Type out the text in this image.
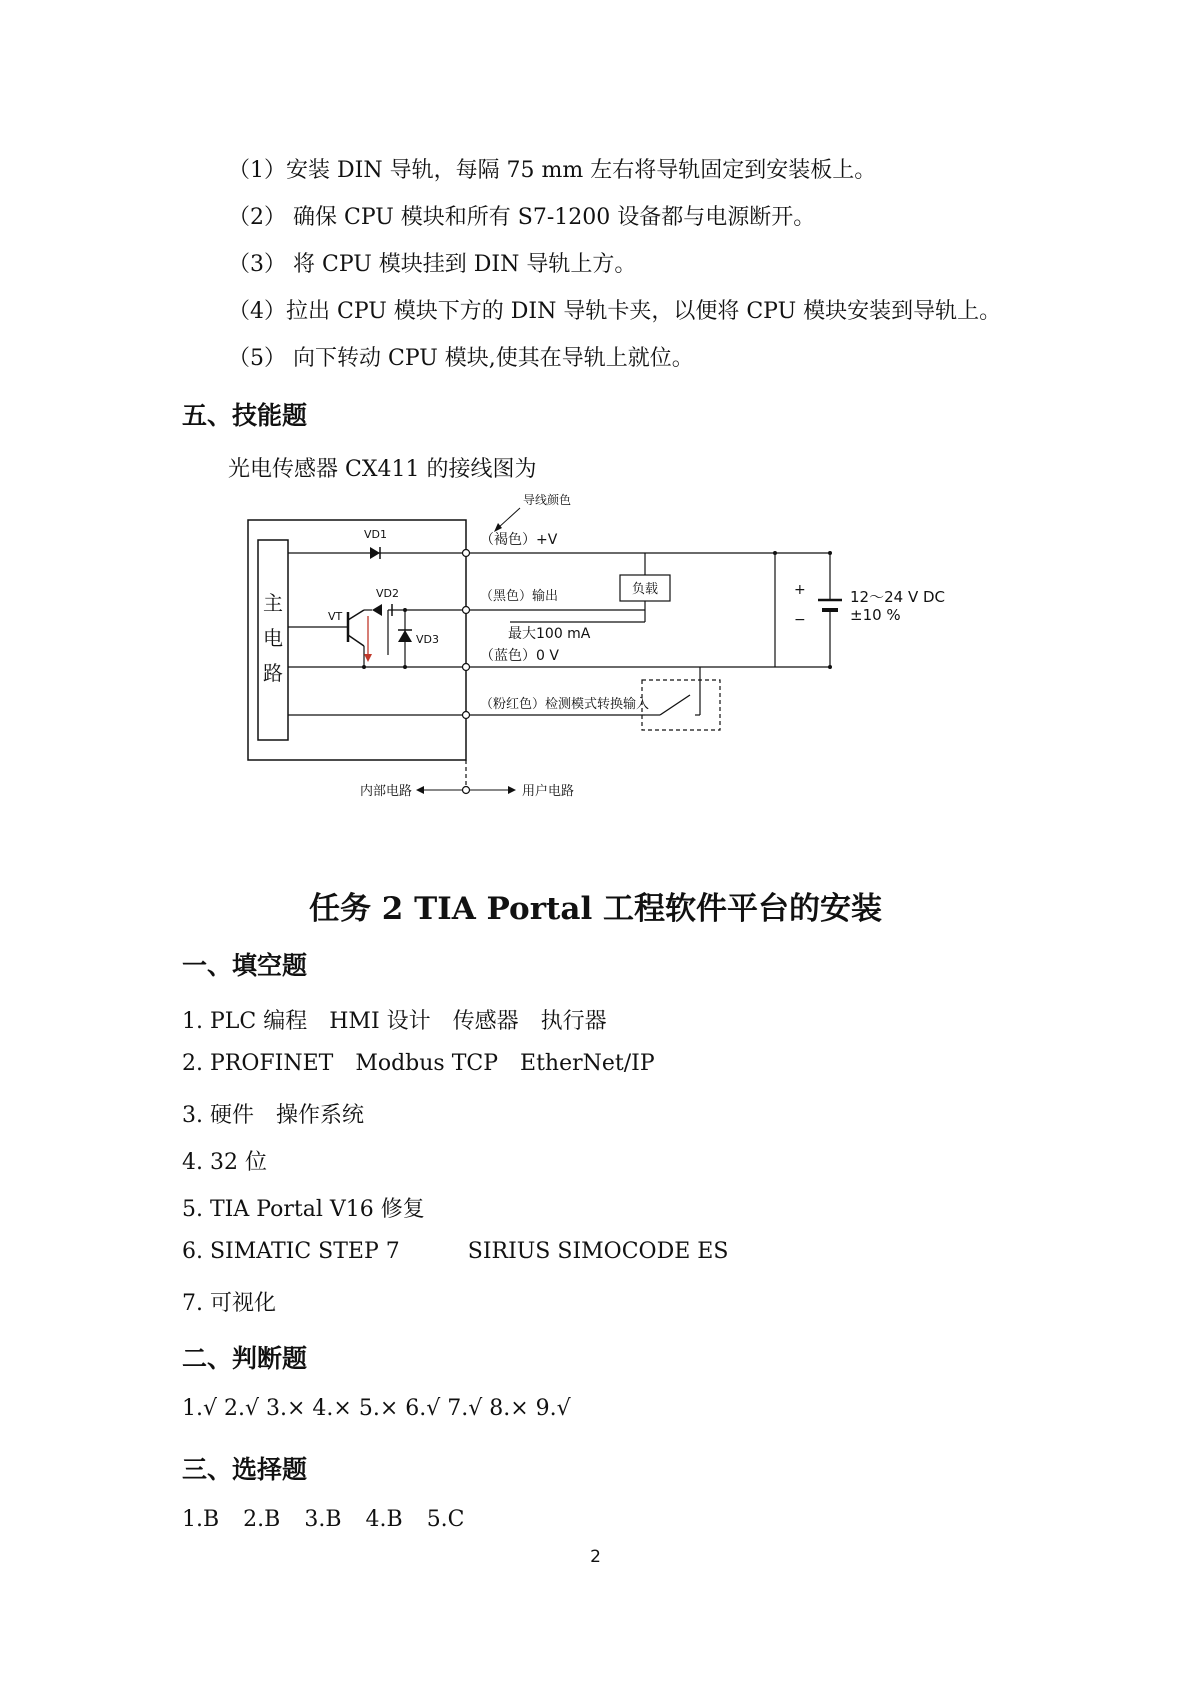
（1）安装 DIN 导轨，每隔 75 mm 左右将导轨固定到安装板上。
（2） 确保 CPU 模块和所有 S7-1200 设备都与电源断开。
（3） 将 CPU 模块挂到 DIN 导轨上方。
（4）拉出 CPU 模块下方的 DIN 导轨卡夹，以便将 CPU 模块安装到导轨上。
（5） 向下转动 CPU 模块,使其在导轨上就位。
五、技能题
光电传感器 CX411 的接线图为
主
电
路
VD1
VD2
VT
VD3
导线颜色
（褐色）+V
（黑色）输出
最大100 mA
（蓝色）0 V
（粉红色）检测模式转换输入
负载	+
−
12～24 V DC
±10 %
内部电路	用户电路
任务 2 TIA Portal 工程软件平台的安装
一、填空题
1. PLC 编程 HMI 设计 传感器 执行器
2. PROFINET Modbus TCP EtherNet/IP
3. 硬件 操作系统
4. 32 位
5. TIA Portal V16 修复
6. SIMATIC STEP 7	SIRIUS SIMOCODE ES
7. 可视化
二、判断题
1.√ 2.√ 3.× 4.× 5.× 6.√ 7.√ 8.× 9.√
三、选择题
1.B 2.B 3.B 4.B 5.C
2
